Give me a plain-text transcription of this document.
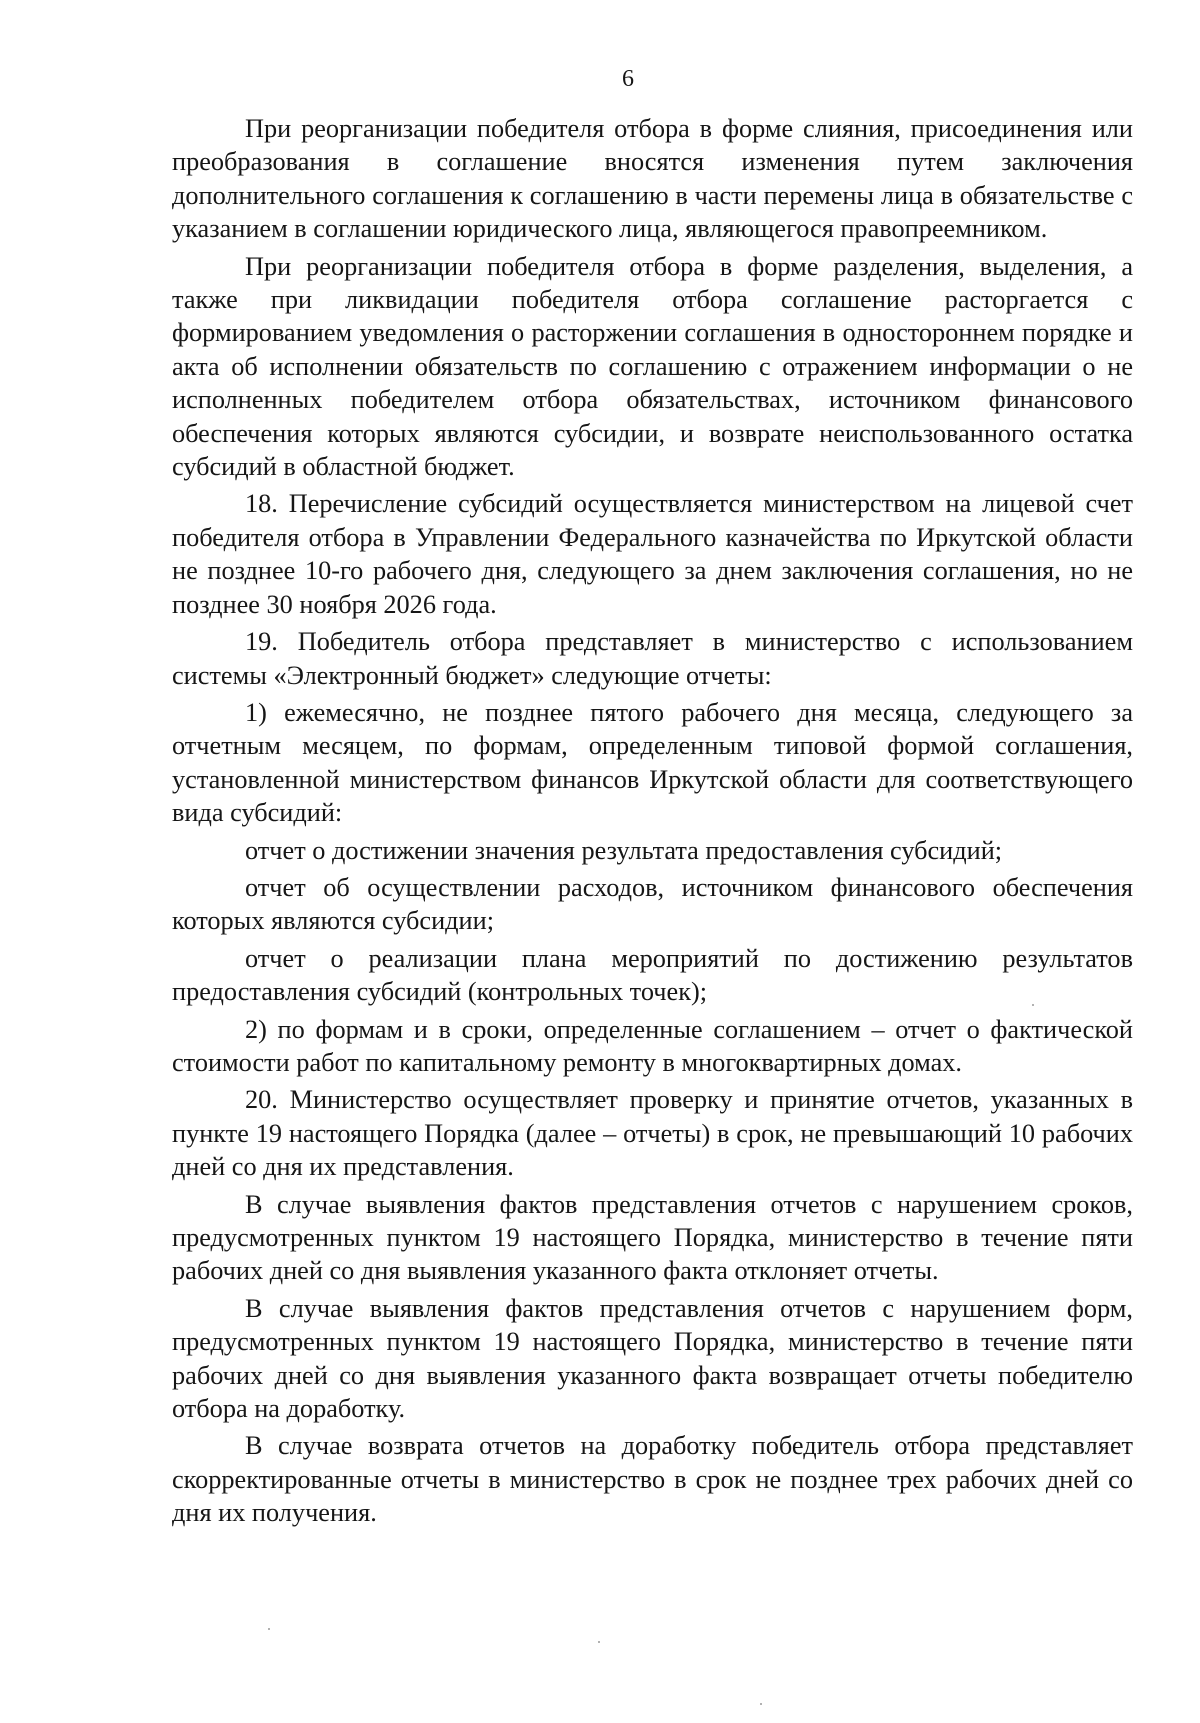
6

При реорганизации победителя отбора в форме слияния, присоединения или преобразования в соглашение вносятся изменения путем заключения дополнительного соглашения к соглашению в части перемены лица в обязательстве с указанием в соглашении юридического лица, являющегося правопреемником.

При реорганизации победителя отбора в форме разделения, выделения, а также при ликвидации победителя отбора соглашение расторгается с формированием уведомления о расторжении соглашения в одностороннем порядке и акта об исполнении обязательств по соглашению с отражением информации о не исполненных победителем отбора обязательствах, источником финансового обеспечения которых являются субсидии, и возврате неиспользованного остатка субсидий в областной бюджет.

18. Перечисление субсидий осуществляется министерством на лицевой счет победителя отбора в Управлении Федерального казначейства по Иркутской области не позднее 10-го рабочего дня, следующего за днем заключения соглашения, но не позднее 30 ноября 2026 года.

19. Победитель отбора представляет в министерство с использованием системы «Электронный бюджет» следующие отчеты:

1) ежемесячно, не позднее пятого рабочего дня месяца, следующего за отчетным месяцем, по формам, определенным типовой формой соглашения, установленной министерством финансов Иркутской области для соответствующего вида субсидий:

отчет о достижении значения результата предоставления субсидий;

отчет об осуществлении расходов, источником финансового обеспечения которых являются субсидии;

отчет о реализации плана мероприятий по достижению результатов предоставления субсидий (контрольных точек);

2) по формам и в сроки, определенные соглашением – отчет о фактической стоимости работ по капитальному ремонту в многоквартирных домах.

20. Министерство осуществляет проверку и принятие отчетов, указанных в пункте 19 настоящего Порядка (далее – отчеты) в срок, не превышающий 10 рабочих дней со дня их представления.

В случае выявления фактов представления отчетов с нарушением сроков, предусмотренных пунктом 19 настоящего Порядка, министерство в течение пяти рабочих дней со дня выявления указанного факта отклоняет отчеты.

В случае выявления фактов представления отчетов с нарушением форм, предусмотренных пунктом 19 настоящего Порядка, министерство в течение пяти рабочих дней со дня выявления указанного факта возвращает отчеты победителю отбора на доработку.

В случае возврата отчетов на доработку победитель отбора представляет скорректированные отчеты в министерство в срок не позднее трех рабочих дней со дня их получения.
